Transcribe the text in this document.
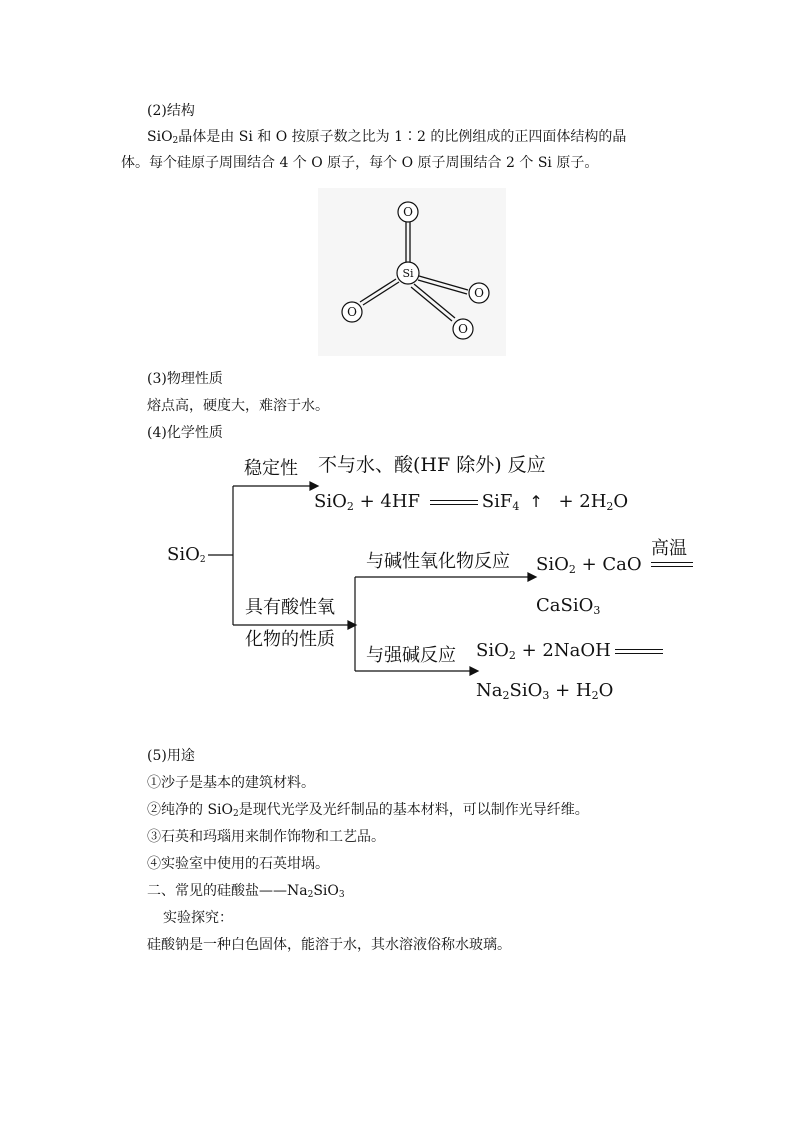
(2)结构
SiO$_2$晶体是由 Si 和 O 按原子数之比为 1∶2 的比例组成的正四面体结构的晶
体。每个硅原子周围结合 4 个 O 原子，每个 O 原子周围结合 2 个 Si 原子。
O
Si
O
O
O
(3)物理性质
熔点高，硬度大，难溶于水。
(4)化学性质
SiO$_2$
稳定性 不与水、酸(HF 除外) 反应
SiO$_2$ + 4HF	SiF$_4$ ↑ + $2H_2O$
与碱性氧化物反应 SiO$_2$ + CaO
高温
CaSiO$_3$
具有酸性氧
化物的性质
与强碱反应 SiO$_2$ + 2NaOH
$Na_2SiO_3 + H_2O$
(5)用途
①沙子是基本的建筑材料。
②纯净的 SiO$_2$是现代光学及光纤制品的基本材料，可以制作光导纤维。
③石英和玛瑙用来制作饰物和工艺品。
④实验室中使用的石英坩埚。
二、常见的硅酸盐$——Na_2SiO_3$
实验探究：
硅酸钠是一种白色固体，能溶于水，其水溶液俗称水玻璃。
